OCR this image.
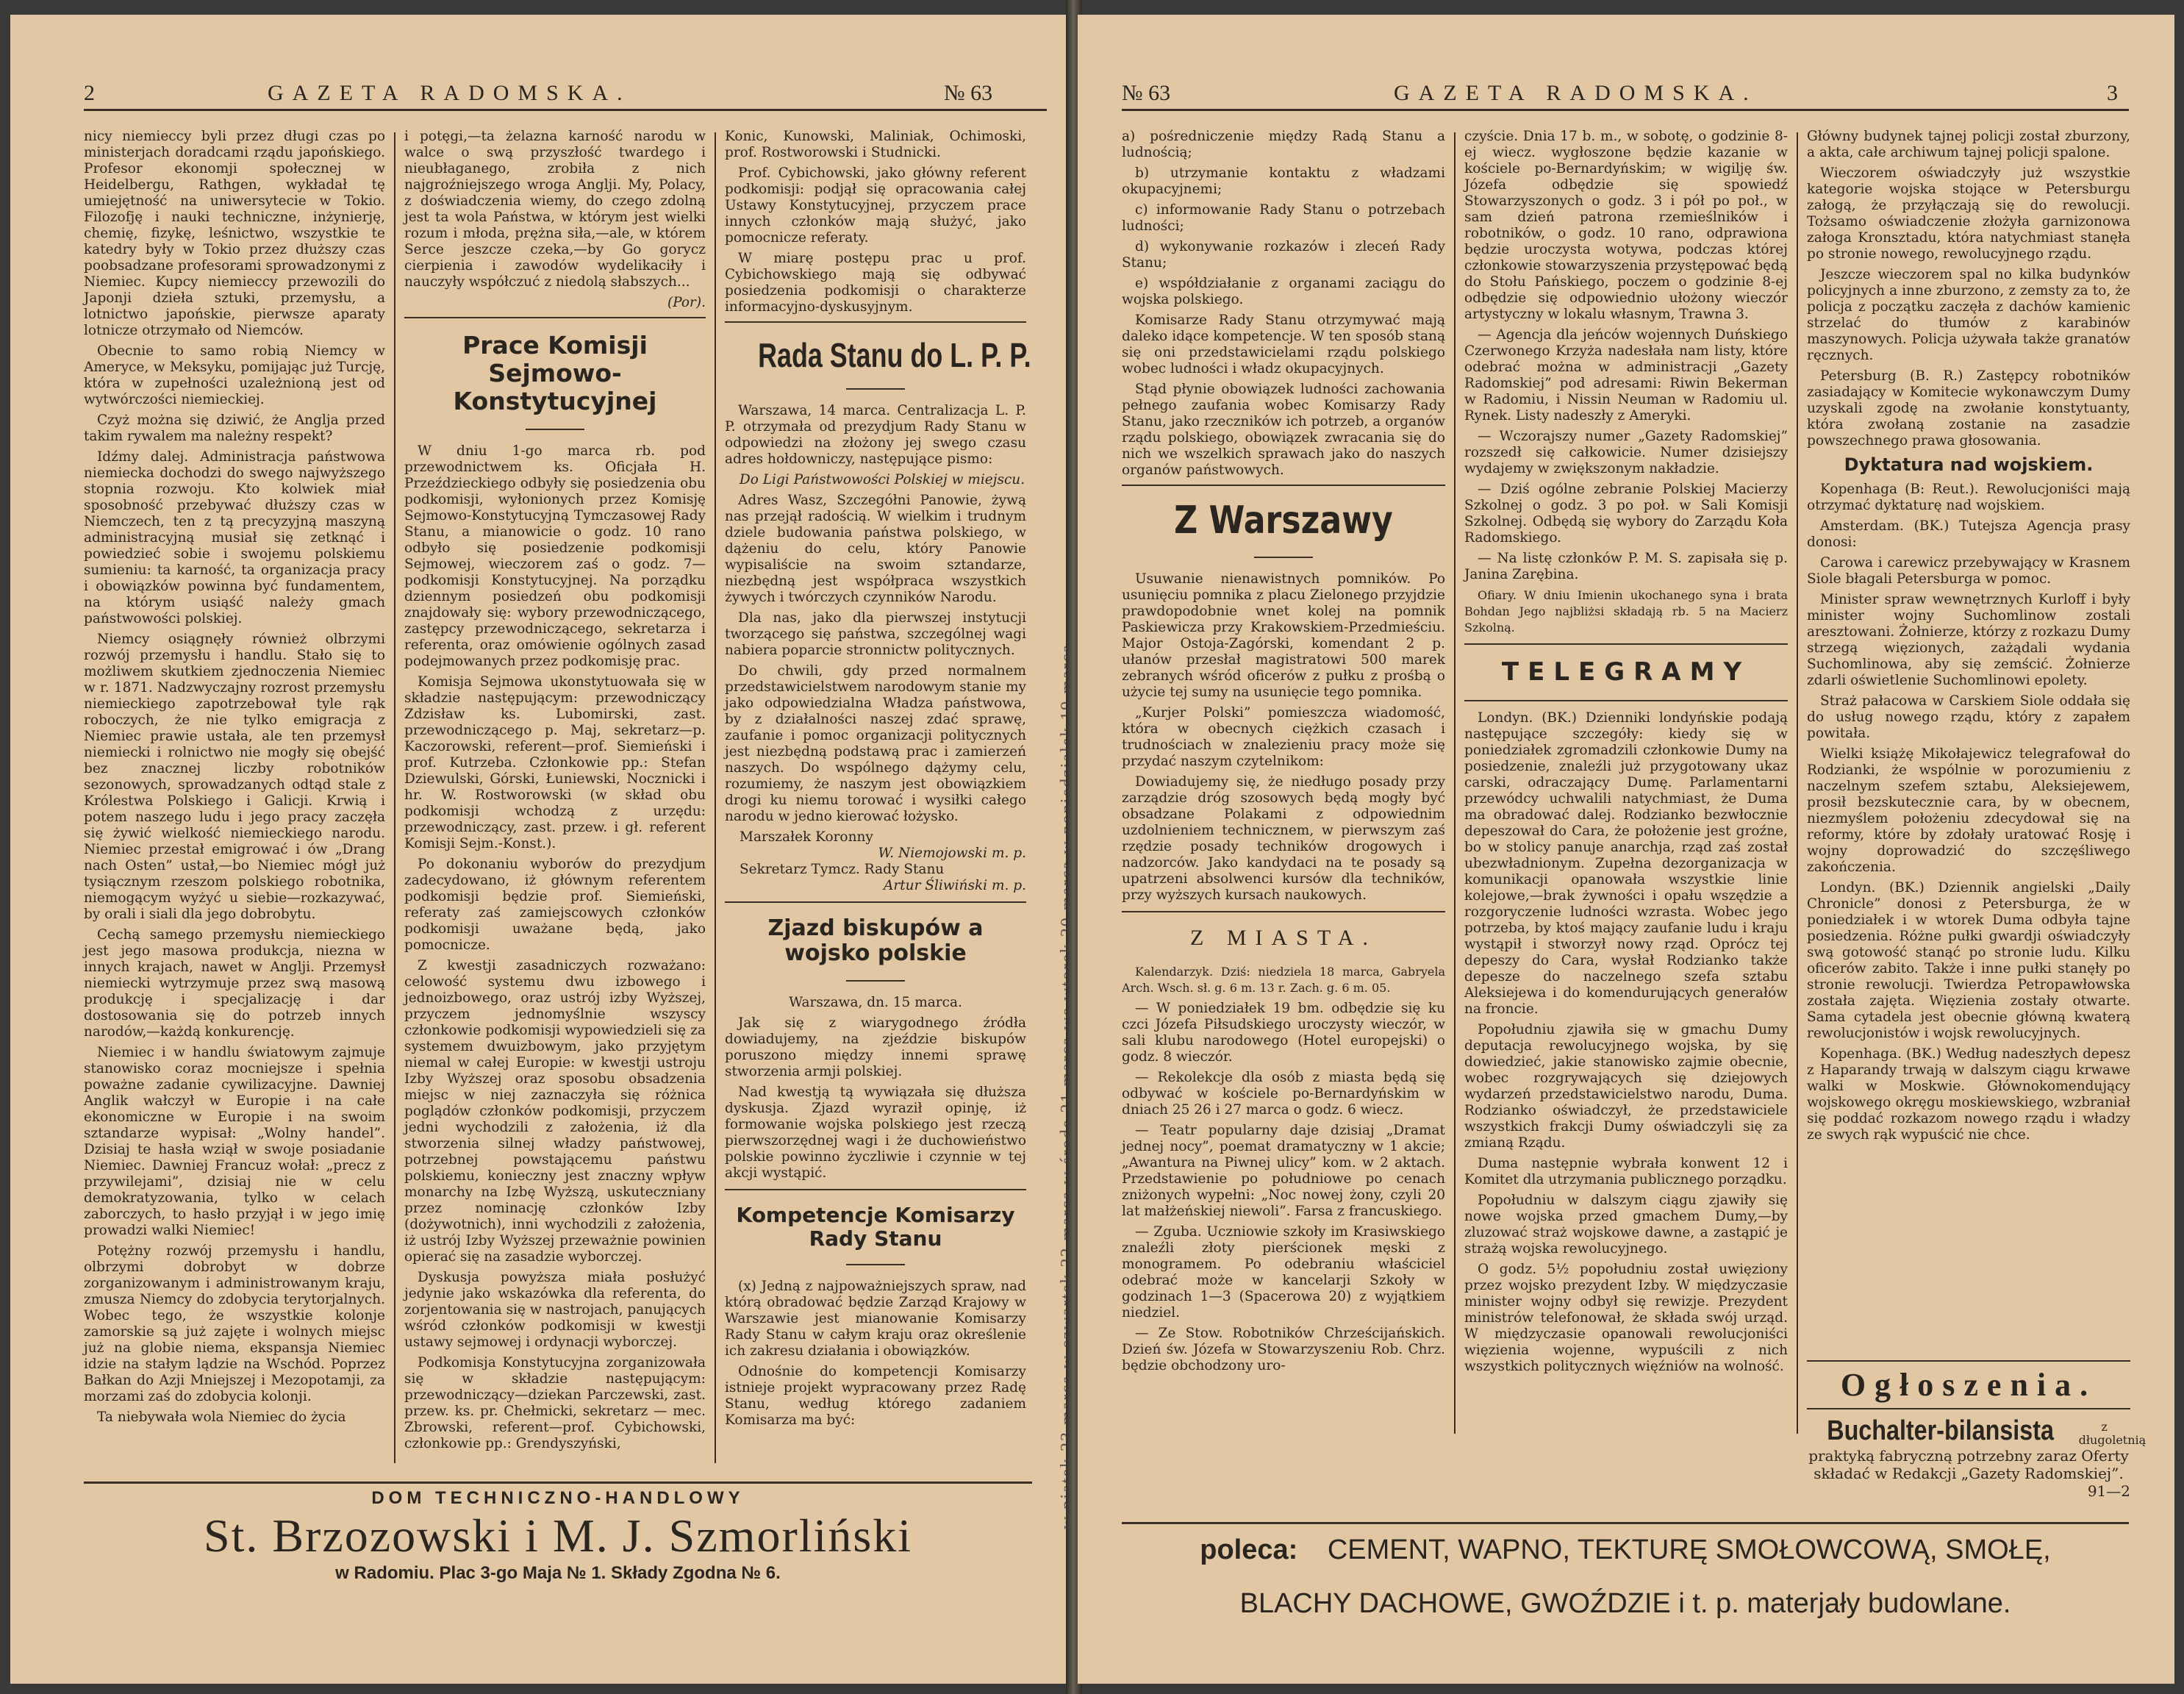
2	GAZETA RADOMSKA.	№ 63

nicy niemieccy byli przez długi czas po ministerjach doradcami rządu japońskiego. Profesor ekonomji społecznej w Heidelbergu, Rathgen, wykładał tę umiejętność na uniwersytecie w Tokio. Filozofję i nauki techniczne, inżynierję, chemię, fizykę, leśnictwo, wszystkie te katedry były w Tokio przez dłuższy czas poobsadzane profesorami sprowadzonymi z Niemiec. Kupcy niemieccy przewozili do Japonji dzieła sztuki, przemysłu, a lotnictwo japońskie, pierwsze aparaty lotnicze otrzymało od Niemców.

Obecnie to samo robią Niemcy w Ameryce, w Meksyku, pomijając już Turcję, która w zupełności uzależnioną jest od wytwórczości niemieckiej.

Czyż można się dziwić, że Anglja przed takim rywalem ma należny respekt?

Idźmy dalej. Administracja państwowa niemiecka dochodzi do swego najwyższego stopnia rozwoju. Kto kolwiek miał sposobność przebywać dłuższy czas w Niemczech, ten z tą precyzyjną maszyną administracyjną musiał się zetknąć i powiedzieć sobie i swojemu polskiemu sumieniu: ta karność, ta organizacja pracy i obowiązków powinna być fundamentem, na którym usiąść należy gmach państwowości polskiej.

Niemcy osiągnęły również olbrzymi rozwój przemysłu i handlu. Stało się to możliwem skutkiem zjednoczenia Niemiec w r. 1871. Nadzwyczajny rozrost przemysłu niemieckiego zapotrzebował tyle rąk roboczych, że nie tylko emigracja z Niemiec prawie ustała, ale ten przemysł niemiecki i rolnictwo nie mogły się obejść bez znacznej liczby robotników sezonowych, sprowadzanych odtąd stale z Królestwa Polskiego i Galicji. Krwią i potem naszego ludu i jego pracy zaczęła się żywić wielkość niemieckiego narodu. Niemiec przestał emigrować i ów „Drang nach Osten” ustał,—bo Niemiec mógł już tysiącznym rzeszom polskiego robotnika, niemogącym wyżyć u siebie—rozkazywać, by orali i siali dla jego dobrobytu.

Cechą samego przemysłu niemieckiego jest jego masowa produkcja, niezna w innych krajach, nawet w Anglji. Przemysł niemiecki wytrzymuje przez swą masową produkcję i specjalizację i dar dostosowania się do potrzeb innych narodów,—każdą konkurencję.

Niemiec i w handlu światowym zajmuje stanowisko coraz mocniejsze i spełnia poważne zadanie cywilizacyjne. Dawniej Anglik wałczył w Europie i na całe ekonomiczne w Europie i na swoim sztandarze wypisał: „Wolny handel”. Dzisiaj te hasła wziął w swoje posiadanie Niemiec. Dawniej Francuz wołał: „precz z przywilejami”, dzisiaj nie w celu demokratyzowania, tylko w celach zaborczych, to hasło przyjął i w jego imię prowadzi walki Niemiec!

Potężny rozwój przemysłu i handlu, olbrzymi dobrobyt w dobrze zorganizowanym i administrowanym kraju, zmusza Niemcy do zdobycia terytorjalnych. Wobec tego, że wszystkie kolonje zamorskie są już zajęte i wolnych miejsc już na globie niema, ekspansja Niemiec idzie na stałym lądzie na Wschód. Poprzez Bałkan do Azji Mniejszej i Mezopotamji, za morzami zaś do zdobycia kolonji.

Ta niebywała wola Niemiec do życia

i potęgi,—ta żelazna karność narodu w walce o swą przyszłość twardego i nieubłaganego, zrobiła z nich najgroźniejszego wroga Anglji. My, Polacy, z doświadczenia wiemy, do czego zdolną jest ta wola Państwa, w którym jest wielki rozum i młoda, prężna siła,—ale, w którem Serce jeszcze czeka,—by Go gorycz cierpienia i zawodów wydelikaciły i nauczyły współczuć z niedolą słabszych...

(Por).
Prace Komisji Sejmowo-Konstytucyjnej

W dniu 1-go marca rb. pod przewodnictwem ks. Oficjała H. Przeździeckiego odbyły się posiedzenia obu podkomisji, wyłonionych przez Komisję Sejmowo-Konstytucyjną Tymczasowej Rady Stanu, a mianowicie o godz. 10 rano odbyło się posiedzenie podkomisji Sejmowej, wieczorem zaś o godz. 7—podkomisji Konstytucyjnej. Na porządku dziennym posiedzeń obu podkomisji znajdowały się: wybory przewodniczącego, zastępcy przewodniczącego, sekretarza i referenta, oraz omówienie ogólnych zasad podejmowanych przez podkomisję prac.

Komisja Sejmowa ukonstytuowała się w składzie następującym: przewodniczący Zdzisław ks. Lubomirski, zast. przewodniczącego p. Maj, sekretarz—p. Kaczorowski, referent—prof. Siemieński i prof. Kutrzeba. Członkowie pp.: Stefan Dziewulski, Górski, Łuniewski, Nocznicki i hr. W. Rostworowski (w skład obu podkomisji wchodzą z urzędu: przewodniczący, zast. przew. i gł. referent Komisji Sejm.-Konst.).

Po dokonaniu wyborów do prezydjum zadecydowano, iż głównym referentem podkomisji będzie prof. Siemieński, referaty zaś zamiejscowych członków podkomisji uważane będą, jako pomocnicze.

Z kwestji zasadniczych rozważano: celowość systemu dwu izbowego i jednoizbowego, oraz ustrój izby Wyższej, przyczem jednomyślnie wszyscy członkowie podkomisji wypowiedzieli się za systemem dwuizbowym, jako przyjętym niemal w całej Europie: w kwestji ustroju Izby Wyższej oraz sposobu obsadzenia miejsc w niej zaznaczyła się różnica poglądów członków podkomisji, przyczem jedni wychodzili z założenia, iż dla stworzenia silnej władzy państwowej, potrzebnej powstającemu państwu polskiemu, konieczny jest znaczny wpływ monarchy na Izbę Wyższą, uskuteczniany przez nominację członków Izby (dożywotnich), inni wychodzili z założenia, iż ustrój Izby Wyższej przeważnie powinien opierać się na zasadzie wyborczej.

Dyskusja powyższa miała posłużyć jedynie jako wskazówka dla referenta, do zorjentowania się w nastrojach, panujących wśród członków podkomisji w kwestji ustawy sejmowej i ordynacji wyborczej.

Podkomisja Konstytucyjna zorganizowała się w składzie następującym: przewodniczący—dziekan Parczewski, zast. przew. ks. pr. Chełmicki, sekretarz — mec. Zbrowski, referent—prof. Cybichowski, członkowie pp.: Grendyszyński,

Konic, Kunowski, Maliniak, Ochimoski, prof. Rostworowski i Studnicki.

Prof. Cybichowski, jako główny referent podkomisji: podjął się opracowania całej Ustawy Konstytucyjnej, przyczem prace innych członków mają służyć, jako pomocnicze referaty.

W miarę postępu prac u prof. Cybichowskiego mają się odbywać posiedzenia podkomisji o charakterze informacyjno-dyskusyjnym.

Rada Stanu do L. P. P.

Warszawa, 14 marca. Centralizacja L. P. P. otrzymała od prezydjum Rady Stanu w odpowiedzi na złożony jej swego czasu adres hołdowniczy, następujące pismo:

Do Ligi Państwowości Polskiej w miejscu.

Adres Wasz, Szczegółni Panowie, żywą nas przejął radością. W wielkim i trudnym dziele budowania państwa polskiego, w dążeniu do celu, który Panowie wypisaliście na swoim sztandarze, niezbędną jest współpraca wszystkich żywych i twórczych czynników Narodu.

Dla nas, jako dla pierwszej instytucji tworzącego się państwa, szczególnej wagi nabiera poparcie stronnictw politycznych.

Do chwili, gdy przed normalnem przedstawicielstwem narodowym stanie my jako odpowiedzialna Władza państwowa, by z działalności naszej zdać sprawę, zaufanie i pomoc organizacji politycznych jest niezbędną podstawą prac i zamierzeń naszych. Do wspólnego dążymy celu, rozumiemy, że naszym jest obowiązkiem drogi ku niemu torować i wysiłki całego narodu w jedno kierować łożysko.

Marszałek Koronny
W. Niemojowski m. p.
Sekretarz Tymcz. Rady Stanu
Artur Śliwiński m. p.
Zjazd biskupów a wojsko polskie

Warszawa, dn. 15 marca.

Jak się z wiarygodnego źródła dowiadujemy, na zjeździe biskupów poruszono między innemi sprawę stworzenia armji polskiej.

Nad kwestją tą wywiązała się dłuższa dyskusja. Zjazd wyraził opinję, iż formowanie wojska polskiego jest rzeczą pierwszorzędnej wagi i że duchowieństwo polskie powinno życzliwie i czynnie w tej akcji wystąpić.

Kompetencje Komisarzy Rady Stanu

(x) Jedną z najpoważniejszych spraw, nad którą obradować będzie Zarząd Krajowy w Warszawie jest mianowanie Komisarzy Rady Stanu w całym kraju oraz określenie ich zakresu działania i obowiązków.

Odnośnie do kompetencji Komisarzy istnieje projekt wypracowany przez Radę Stanu, według którego zadaniem Komisarza ma być:

DOM TECHNICZNO-HANDLOWY
St. Brzozowski i M. J. Szmorliński
w Radomiu. Plac 3-go Maja № 1. Składy Zgodna № 6.
№ 63	GAZETA RADOMSKA.	3

a) pośredniczenie między Radą Stanu a ludnością;

b) utrzymanie kontaktu z władzami okupacyjnemi;

c) informowanie Rady Stanu o potrzebach ludności;

d) wykonywanie rozkazów i zleceń Rady Stanu;

e) współdziałanie z organami zaciągu do wojska polskiego.

Komisarze Rady Stanu otrzymywać mają daleko idące kompetencje. W ten sposób staną się oni przedstawicielami rządu polskiego wobec ludności i władz okupacyjnych.

Stąd płynie obowiązek ludności zachowania pełnego zaufania wobec Komisarzy Rady Stanu, jako rzeczników ich potrzeb, a organów rządu polskiego, obowiązek zwracania się do nich we wszelkich sprawach jako do naszych organów państwowych.

Z Warszawy

Usuwanie nienawistnych pomników. Po usunięciu pomnika z placu Zielonego przyjdzie prawdopodobnie wnet kolej na pomnik Paskiewicza przy Krakowskiem-Przedmieściu. Major Ostoja-Zagórski, komendant 2 p. ułanów przesłał magistratowi 500 marek zebranych wśród oficerów z pułku z prośbą o użycie tej sumy na usunięcie tego pomnika.

„Kurjer Polski” pomieszcza wiadomość, która w obecnych ciężkich czasach i trudnościach w znalezieniu pracy może się przydać naszym czytelnikom:

Dowiadujemy się, że niedługo posady przy zarządzie dróg szosowych będą mogły być obsadzane Polakami z odpowiednim uzdolnieniem technicznem, w pierwszym zaś rzędzie posady techników drogowych i nadzorców. Jako kandydaci na te posady są upatrzeni absolwenci kursów dla techników, przy wyższych kursach naukowych.

Z MIASTA.

Kalendarzyk. Dziś: niedziela 18 marca, Gabryela Arch. Wsch. sł. g. 6 m. 13 r. Zach. g. 6 m. 05.

— W poniedziałek 19 bm. odbędzie się ku czci Józefa Piłsudskiego uroczysty wieczór, w sali klubu narodowego (Hotel europejski) o godz. 8 wieczór.

— Rekolekcje dla osób z miasta będą się odbywać w kościele po-Bernardyńskim w dniach 25 26 i 27 marca o godz. 6 wiecz.

— Teatr popularny daje dzisiaj „Dramat jednej nocy”, poemat dramatyczny w 1 akcie; „Awantura na Piwnej ulicy” kom. w 2 aktach. Przedstawienie po południowe po cenach zniżonych wypełni: „Noc nowej żony, czyli 20 lat małżeńskiej niewoli”. Farsa z francuskiego.

— Zguba. Uczniowie szkoły im Krasiwskiego znaleźli złoty pierścionek męski z monogramem. Po odebraniu właściciel odebrać może w kancelarji Szkoły w godzinach 1—3 (Spacerowa 20) z wyjątkiem niedziel.

— Ze Stow. Robotników Chrześcijańskich. Dzień św. Józefa w Stowarzyszeniu Rob. Chrz. będzie obchodzony uro-

czyście. Dnia 17 b. m., w sobotę, o godzinie 8-ej wiecz. wygłoszone będzie kazanie w kościele po-Bernardyńskim; w wigilję św. Józefa odbędzie się spowiedź Stowarzyszonych o godz. 3 i pół po poł., w sam dzień patrona rzemieślników i robotników, o godz. 10 rano, odprawiona będzie uroczysta wotywa, podczas której członkowie stowarzyszenia przystępować będą do Stołu Pańskiego, poczem o godzinie 8-ej odbędzie się odpowiednio ułożony wieczór artystyczny w lokalu własnym, Trawna 3.

— Agencja dla jeńców wojennych Duńskiego Czerwonego Krzyża nadesłała nam listy, które odebrać można w administracji „Gazety Radomskiej” pod adresami: Riwin Bekerman w Radomiu, i Nissin Neuman w Radomiu ul. Rynek. Listy nadeszły z Ameryki.

— Wczorajszy numer „Gazety Radomskiej” rozszedł się całkowicie. Numer dzisiejszy wydajemy w zwiększonym nakładzie.

— Dziś ogólne zebranie Polskiej Macierzy Szkolnej o godz. 3 po poł. w Sali Komisji Szkolnej. Odbędą się wybory do Zarządu Koła Radomskiego.

— Na listę członków P. M. S. zapisała się p. Janina Zarębina.

Ofiary. W dniu Imienin ukochanego syna i brata Bohdan Jego najbliżsi składają rb. 5 na Macierz Szkolną.

TELEGRAMY

Londyn. (BK.) Dzienniki londyńskie podają następujące szczegóły: kiedy się w poniedziałek zgromadzili członkowie Dumy na posiedzenie, znaleźli już przygotowany ukaz carski, odraczający Dumę. Parlamentarni przewódcy uchwalili natychmiast, że Duma ma obradować dalej. Rodzianko bezwłocznie depeszował do Cara, że położenie jest groźne, bo w stolicy panuje anarchja, rząd zaś został ubezwładnionym. Zupełna dezorganizacja w komunikacji opanowała wszystkie linie kolejowe,—brak żywności i opału wszędzie a rozgoryczenie ludności wzrasta. Wobec jego potrzeba, by ktoś mający zaufanie ludu i kraju wystąpił i stworzył nowy rząd. Oprócz tej depeszy do Cara, wysłał Rodzianko także depesze do naczelnego szefa sztabu Aleksiejewa i do komendurujących generałów na froncie.

Popołudniu zjawiła się w gmachu Dumy deputacja rewolucyjnego wojska, by się dowiedzieć, jakie stanowisko zajmie obecnie, wobec rozgrywających się dziejowych wydarzeń przedstawicielstwo narodu, Duma. Rodzianko oświadczył, że przedstawiciele wszystkich frakcji Dumy oświadczyli się za zmianą Rządu.

Duma następnie wybrała konwent 12 i Komitet dla utrzymania publicznego porządku.

Popołudniu w dalszym ciągu zjawiły się nowe wojska przed gmachem Dumy,—by zluzować straż wojskowe dawne, a zastąpić je strażą wojska rewolucyjnego.

O godz. 5½ popołudniu został uwięziony przez wojsko prezydent Izby. W międzyczasie minister wojny odbył się rewizje. Prezydent ministrów telefonował, że składa swój urząd. W międzyczasie opanowali rewolucjoniści więzienia wojenne, wypuścili z nich wszystkich politycznych więźniów na wolność.

Główny budynek tajnej policji został zburzony, a akta, całe archiwum tajnej policji spalone.

Wieczorem oświadczyły już wszystkie kategorie wojska stojące w Petersburgu załogą, że przyłączają się do rewolucji. Tożsamo oświadczenie złożyła garnizonowa załoga Kronsztadu, która natychmiast stanęła po stronie nowego, rewolucyjnego rządu.

Jeszcze wieczorem spal no kilka budynków policyjnych a inne zburzono, z zemsty za to, że policja z początku zaczęła z dachów kamienic strzelać do tłumów z karabinów maszynowych. Policja używała także granatów ręcznych.

Petersburg (B. R.) Zastępcy robotników zasiadający w Komitecie wykonawczym Dumy uzyskali zgodę na zwołanie konstytuanty, która zwołaną zostanie na zasadzie powszechnego prawa głosowania.

Dyktatura nad wojskiem.

Kopenhaga (B: Reut.). Rewolucjoniści mają otrzymać dyktaturę nad wojskiem.

Amsterdam. (BK.) Tutejsza Agencja prasy donosi:

Carowa i carewicz przebywający w Krasnem Siole błagali Petersburga w pomoc.

Minister spraw wewnętrznych Kurloff i były minister wojny Suchomlinow zostali aresztowani. Żołnierze, którzy z rozkazu Dumy strzegą więzionych, zażądali wydania Suchomlinowa, aby się zemścić. Żołnierze zdarli oświetlenie Suchomlinowi epolety.

Straż pałacowa w Carskiem Siole oddała się do usług nowego rządu, który z zapałem powitała.

Wielki książę Mikołajewicz telegrafował do Rodzianki, że wspólnie w porozumieniu z naczelnym szefem sztabu, Aleksiejewem, prosił bezskutecznie cara, by w obecnem, niezmyślem położeniu zdecydował się na reformy, które by zdołały uratować Rosję i wojny doprowadzić do szczęśliwego zakończenia.

Londyn. (BK.) Dziennik angielski „Daily Chronicle” donosi z Petersburga, że w poniedziałek i w wtorek Duma odbyła tajne posiedzenia. Różne pułki gwardji oświadczyły swą gotowość stanąć po stronie ludu. Kilku oficerów zabito. Także i inne pułki stanęły po stronie rewolucji. Twierdza Petropawłowska została zajęta. Więzienia zostały otwarte. Sama cytadela jest obecnie główną kwaterą rewolucjonistów i wojsk rewolucyjnych.

Kopenhaga. (BK.) Według nadeszłych depesz z Haparandy trwają w dalszym ciągu krwawe walki w Moskwie. Głównokomendujący wojskowego okręgu moskiewskiego, wzbraniał się poddać rozkazom nowego rządu i władzy ze swych rąk wypuścić nie chce.

Ogłoszenia.
Buchalter-bilansista	z długoletnią
praktyką fabryczną potrzebny zaraz Oferty składać w Redakcji „Gazety Radomskiej”.
91—2
poleca: CEMENT, WAPNO, TEKTURĘ SMOŁOWCOWĄ, SMOŁĘ,
BLACHY DACHOWE, GWOŹDZIE i t. p. materjały budowlane.
